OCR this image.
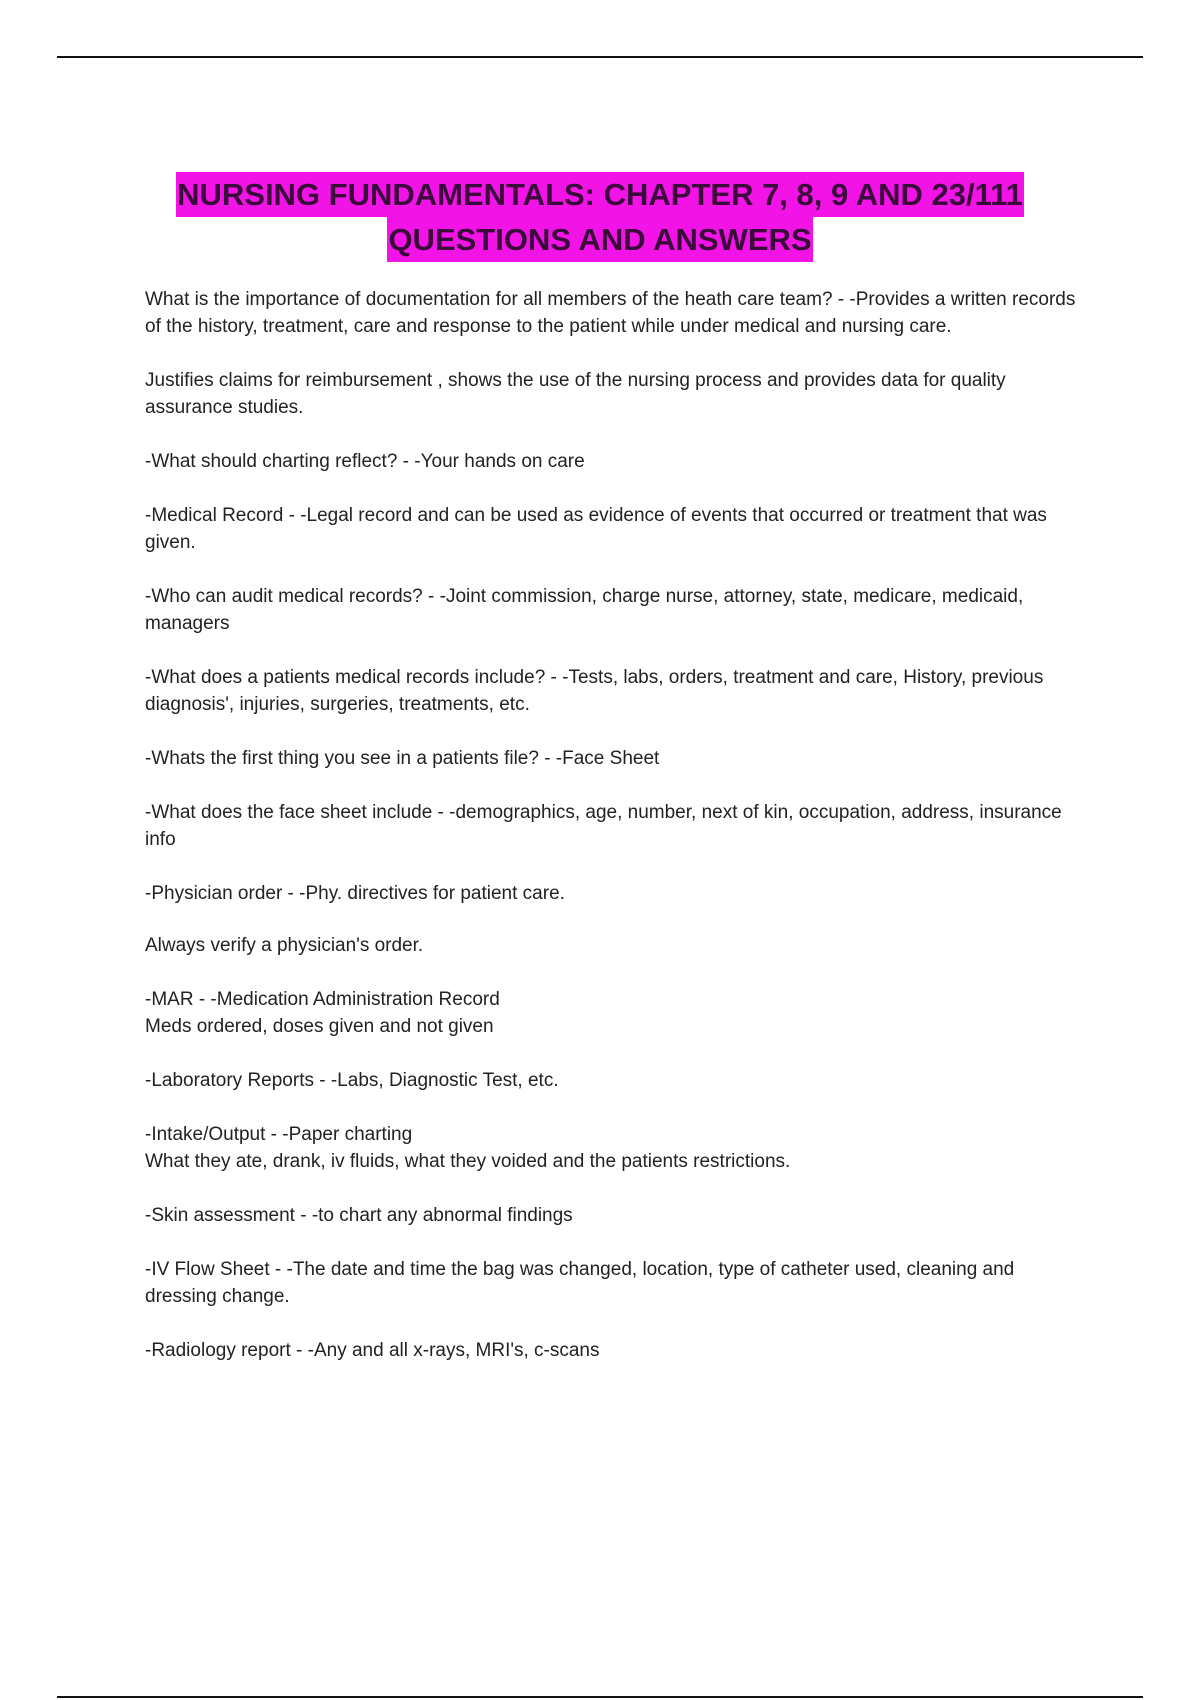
NURSING FUNDAMENTALS: CHAPTER 7, 8, 9 AND 23/111
QUESTIONS AND ANSWERS

What is the importance of documentation for all members of the heath care team? - -Provides a written records of the history, treatment, care and response to the patient while under medical and nursing care.

Justifies claims for reimbursement , shows the use of the nursing process and provides data for quality assurance studies.

-What should charting reflect? - -Your hands on care

-Medical Record - -Legal record and can be used as evidence of events that occurred or treatment that was given.

-Who can audit medical records? - -Joint commission, charge nurse, attorney, state, medicare, medicaid, managers

-What does a patients medical records include? - -Tests, labs, orders, treatment and care, History, previous diagnosis', injuries, surgeries, treatments, etc.

-Whats the first thing you see in a patients file? - -Face Sheet

-What does the face sheet include - -demographics, age, number, next of kin, occupation, address, insurance info

-Physician order - -Phy. directives for patient care.

Always verify a physician's order.

-MAR - -Medication Administration Record
Meds ordered, doses given and not given

-Laboratory Reports - -Labs, Diagnostic Test, etc.

-Intake/Output - -Paper charting
What they ate, drank, iv fluids, what they voided and the patients restrictions.

-Skin assessment - -to chart any abnormal findings

-IV Flow Sheet - -The date and time the bag was changed, location, type of catheter used, cleaning and dressing change.

-Radiology report - -Any and all x-rays, MRI's, c-scans
